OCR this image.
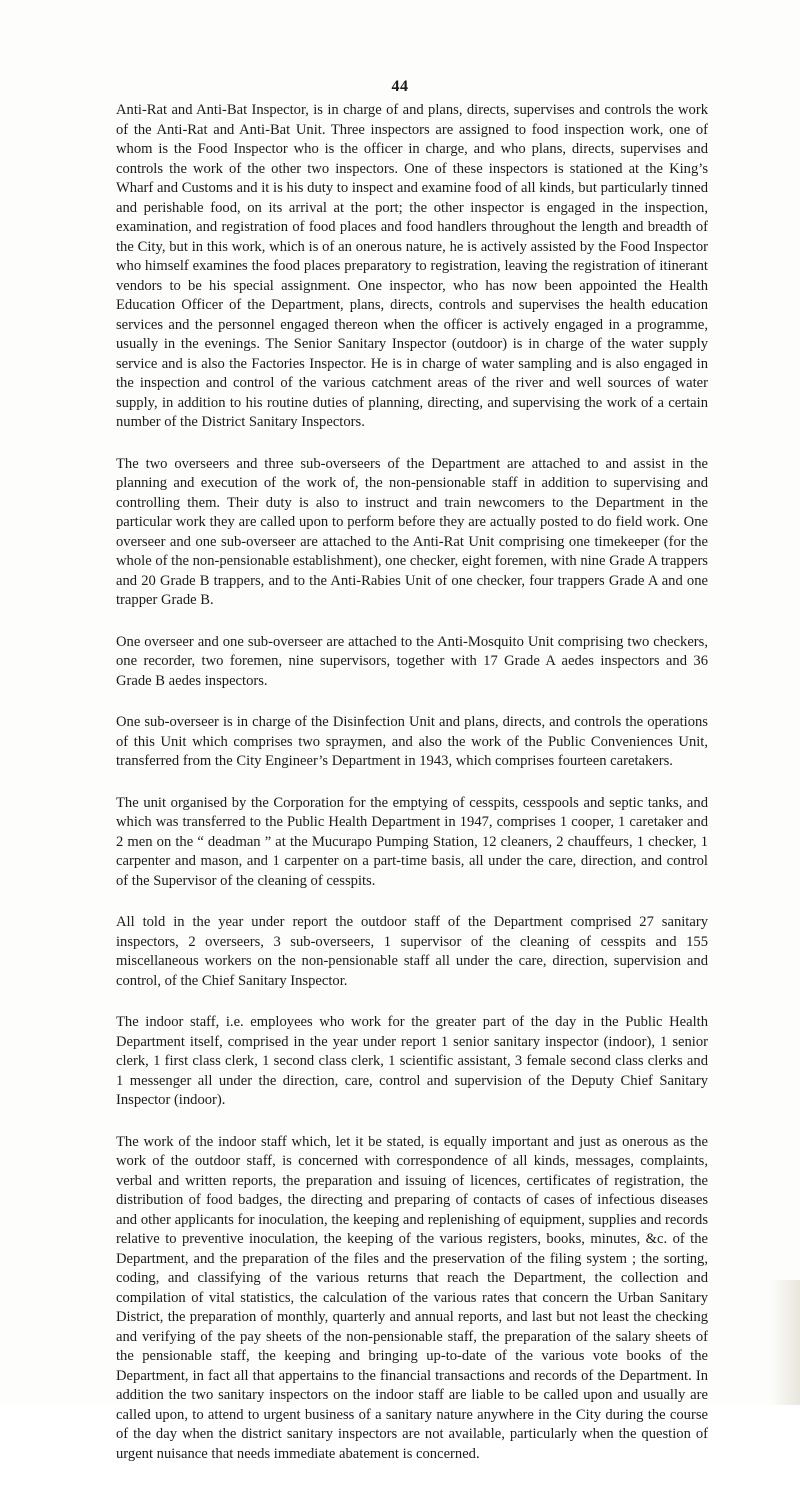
44

Anti-Rat and Anti-Bat Inspector, is in charge of and plans, directs, supervises and controls the work of the Anti-Rat and Anti-Bat Unit. Three inspectors are assigned to food inspection work, one of whom is the Food Inspector who is the officer in charge, and who plans, directs, supervises and controls the work of the other two inspectors. One of these inspectors is stationed at the King’s Wharf and Customs and it is his duty to inspect and examine food of all kinds, but particularly tinned and perishable food, on its arrival at the port; the other inspector is engaged in the inspection, examination, and registration of food places and food handlers throughout the length and breadth of the City, but in this work, which is of an onerous nature, he is actively assisted by the Food Inspector who himself examines the food places preparatory to registration, leaving the registration of itinerant vendors to be his special assignment. One inspector, who has now been appointed the Health Education Officer of the Department, plans, directs, controls and supervises the health education services and the personnel engaged thereon when the officer is actively engaged in a programme, usually in the evenings. The Senior Sanitary Inspector (outdoor) is in charge of the water supply service and is also the Factories Inspector. He is in charge of water sampling and is also engaged in the inspection and control of the various catchment areas of the river and well sources of water supply, in addition to his routine duties of planning, directing, and supervising the work of a certain number of the District Sanitary Inspectors.

The two overseers and three sub-overseers of the Department are attached to and assist in the planning and execution of the work of, the non-pensionable staff in addition to supervising and controlling them. Their duty is also to instruct and train newcomers to the Department in the particular work they are called upon to perform before they are actually posted to do field work. One overseer and one sub-overseer are attached to the Anti-Rat Unit comprising one timekeeper (for the whole of the non-pensionable establishment), one checker, eight foremen, with nine Grade A trappers and 20 Grade B trappers, and to the Anti-Rabies Unit of one checker, four trappers Grade A and one trapper Grade B.

One overseer and one sub-overseer are attached to the Anti-Mosquito Unit comprising two checkers, one recorder, two foremen, nine supervisors, together with 17 Grade A aedes inspectors and 36 Grade B aedes inspectors.

One sub-overseer is in charge of the Disinfection Unit and plans, directs, and controls the operations of this Unit which comprises two spraymen, and also the work of the Public Conveniences Unit, transferred from the City Engineer’s Department in 1943, which comprises fourteen caretakers.

The unit organised by the Corporation for the emptying of cesspits, cesspools and septic tanks, and which was transferred to the Public Health Department in 1947, comprises 1 cooper, 1 caretaker and 2 men on the “ deadman ” at the Mucurapo Pumping Station, 12 cleaners, 2 chauffeurs, 1 checker, 1 carpenter and mason, and 1 carpenter on a part-time basis, all under the care, direction, and control of the Supervisor of the cleaning of cesspits.

All told in the year under report the outdoor staff of the Department comprised 27 sanitary inspectors, 2 overseers, 3 sub-overseers, 1 supervisor of the cleaning of cesspits and 155 miscellaneous workers on the non-pensionable staff all under the care, direction, supervision and control, of the Chief Sanitary Inspector.

The indoor staff, i.e. employees who work for the greater part of the day in the Public Health Department itself, comprised in the year under report 1 senior sanitary inspector (indoor), 1 senior clerk, 1 first class clerk, 1 second class clerk, 1 scientific assistant, 3 female second class clerks and 1 messenger all under the direction, care, control and supervision of the Deputy Chief Sanitary Inspector (indoor).

The work of the indoor staff which, let it be stated, is equally important and just as onerous as the work of the outdoor staff, is concerned with correspondence of all kinds, messages, complaints, verbal and written reports, the preparation and issuing of licences, certificates of registration, the distribution of food badges, the directing and preparing of contacts of cases of infectious diseases and other applicants for inoculation, the keeping and replenishing of equipment, supplies and records relative to preventive inoculation, the keeping of the various registers, books, minutes, &c. of the Department, and the preparation of the files and the preservation of the filing system ; the sorting, coding, and classifying of the various returns that reach the Department, the collection and compilation of vital statistics, the calculation of the various rates that concern the Urban Sanitary District, the preparation of monthly, quarterly and annual reports, and last but not least the checking and verifying of the pay sheets of the non-pensionable staff, the preparation of the salary sheets of the pensionable staff, the keeping and bringing up-to-date of the various vote books of the Department, in fact all that appertains to the financial transactions and records of the Department. In addition the two sanitary inspectors on the indoor staff are liable to be called upon and usually are called upon, to attend to urgent business of a sanitary nature anywhere in the City during the course of the day when the district sanitary inspectors are not available, particularly when the question of urgent nuisance that needs immediate abatement is concerned.
